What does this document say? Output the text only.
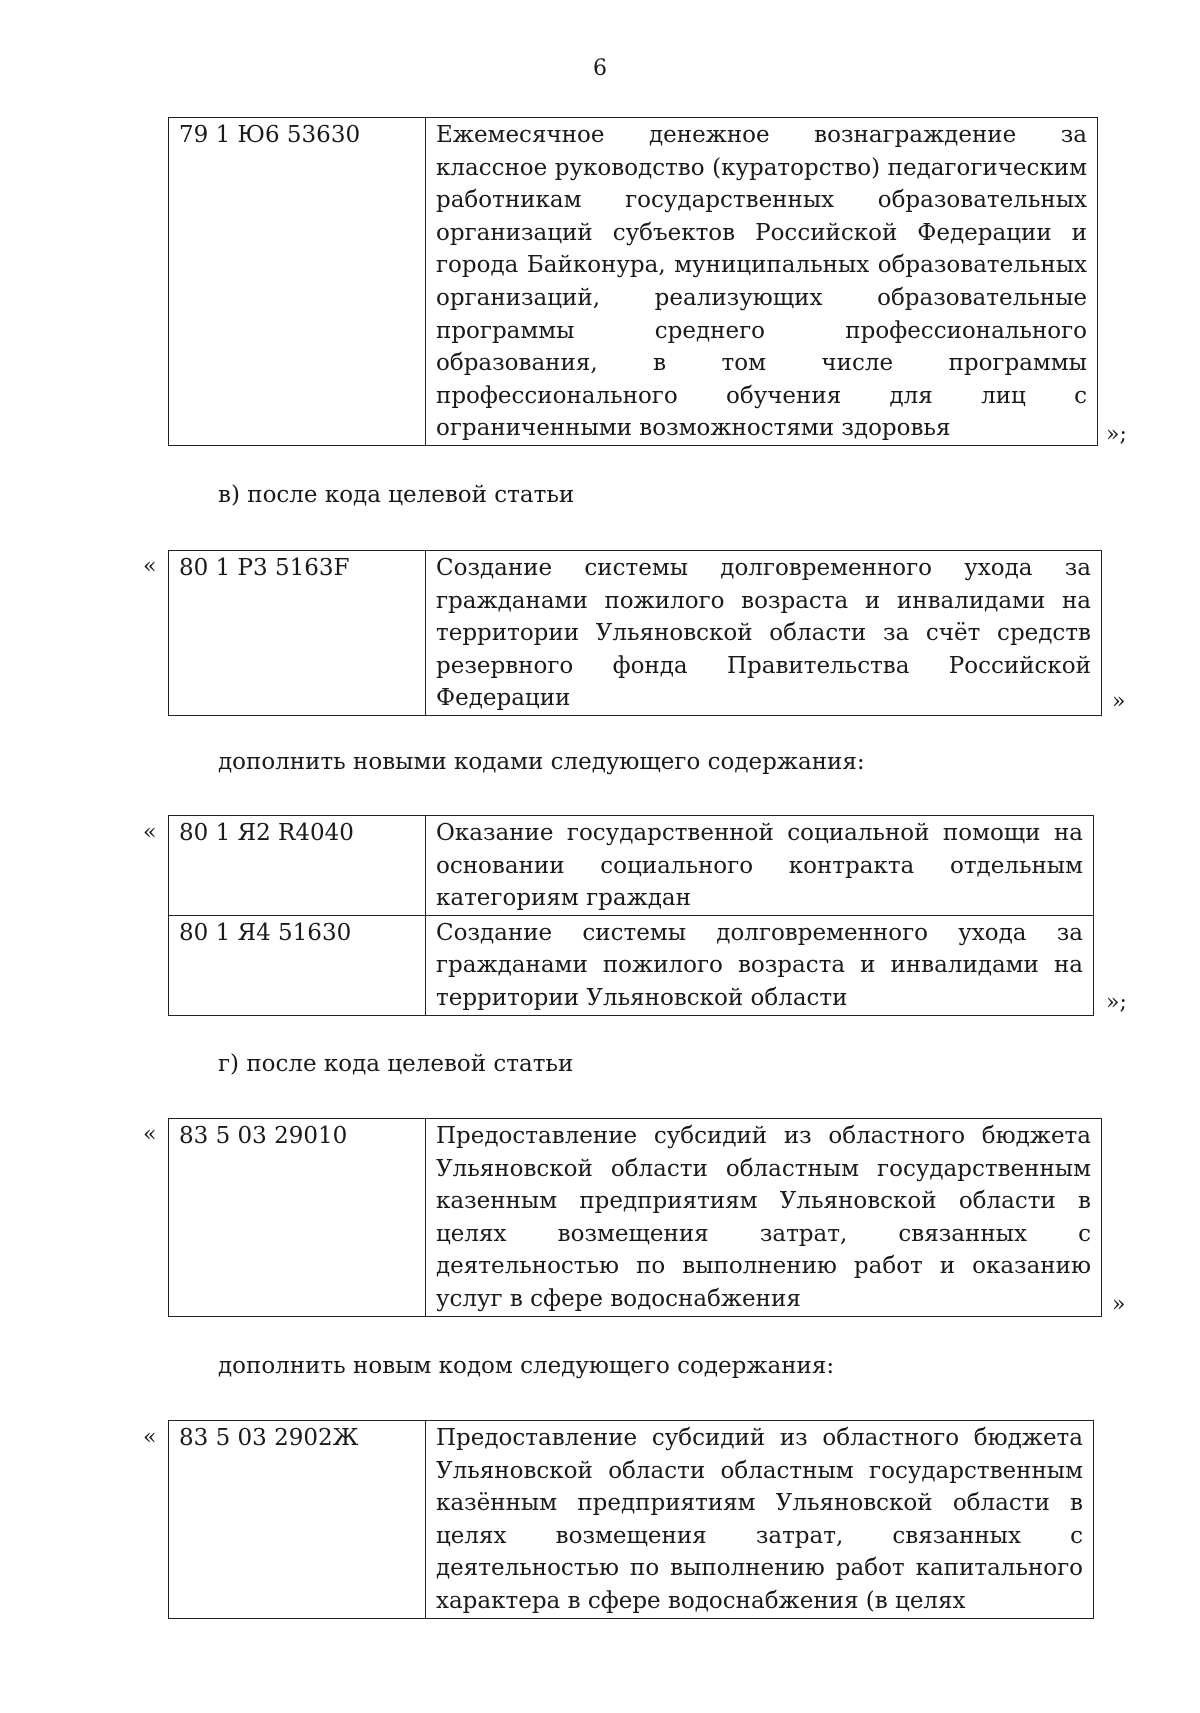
6
79 1 Ю6 53630	Ежемесячное денежное вознаграждение за классное руководство (кураторство) педагогическим работникам государственных образовательных организаций субъектов Российской Федерации и города Байконура, муниципальных образовательных организаций, реализующих образовательные программы среднего профессионального образования, в том числе программы профессионального обучения для лиц с ограниченными возможностями здоровья	»;
в) после кода целевой статьи
« 80 1 Р3 5163F	Создание системы долговременного ухода за гражданами пожилого возраста и инвалидами на территории Ульяновской области за счёт средств резервного фонда Правительства Российской Федерации	»
дополнить новыми кодами следующего содержания:
« 80 1 Я2 R4040	Оказание государственной социальной помощи на основании социального контракта отдельным категориям граждан
80 1 Я4 51630	Создание системы долговременного ухода за гражданами пожилого возраста и инвалидами на территории Ульяновской области	»;
г) после кода целевой статьи
« 83 5 03 29010	Предоставление субсидий из областного бюджета Ульяновской области областным государственным казенным предприятиям Ульяновской области в целях возмещения затрат, связанных с деятельностью по выполнению работ и оказанию услуг в сфере водоснабжения	»
дополнить новым кодом следующего содержания:
« 83 5 03 2902Ж	Предоставление субсидий из областного бюджета Ульяновской области областным государственным казённым предприятиям Ульяновской области в целях возмещения затрат, связанных с деятельностью по выполнению работ капитального характера в сфере водоснабжения (в целях
